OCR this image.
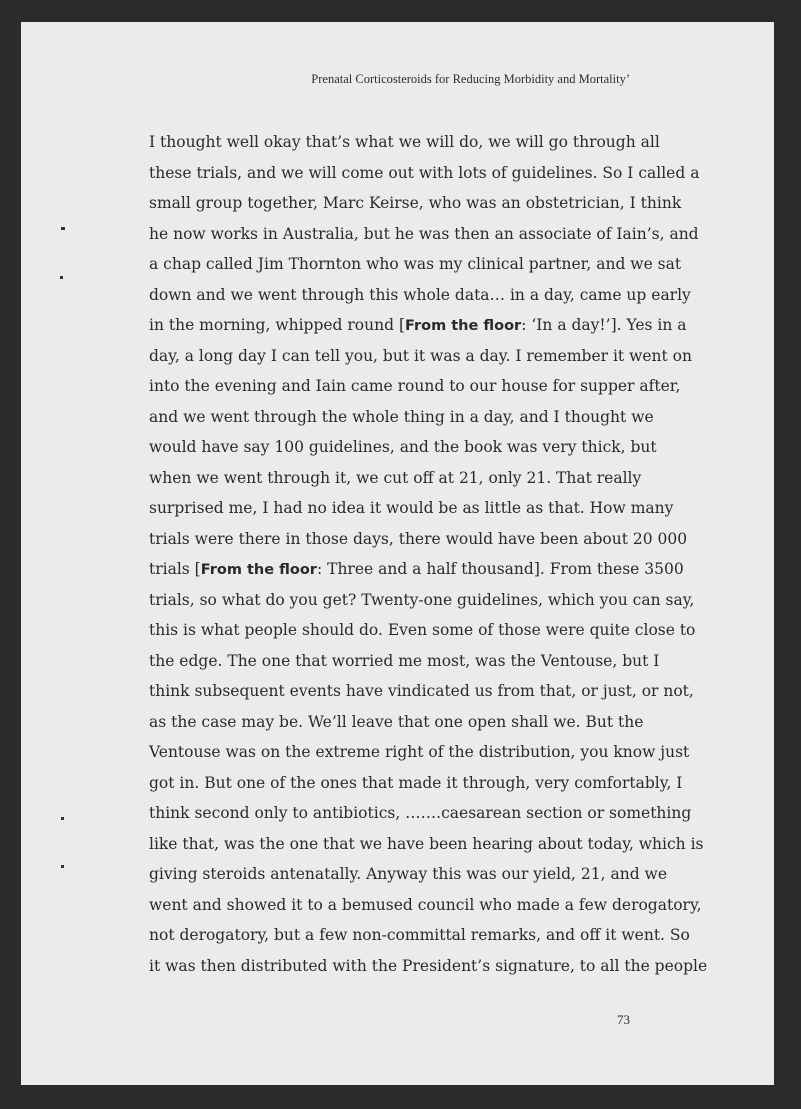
Prenatal Corticosteroids for Reducing Morbidity and Mortality’
I thought well okay that’s what we will do, we will go through all
these trials, and we will come out with lots of guidelines. So I called a
small group together, Marc Keirse, who was an obstetrician, I think
he now works in Australia, but he was then an associate of Iain’s, and
a chap called Jim Thornton who was my clinical partner, and we sat
down and we went through this whole data… in a day, came up early
in the morning, whipped round [From the floor: ‘In a day!’]. Yes in a
day, a long day I can tell you, but it was a day. I remember it went on
into the evening and Iain came round to our house for supper after,
and we went through the whole thing in a day, and I thought we
would have say 100 guidelines, and the book was very thick, but
when we went through it, we cut off at 21, only 21. That really
surprised me, I had no idea it would be as little as that. How many
trials were there in those days, there would have been about 20 000
trials [From the floor: Three and a half thousand]. From these 3500
trials, so what do you get? Twenty-one guidelines, which you can say,
this is what people should do. Even some of those were quite close to
the edge. The one that worried me most, was the Ventouse, but I
think subsequent events have vindicated us from that, or just, or not,
as the case may be. We’ll leave that one open shall we. But the
Ventouse was on the extreme right of the distribution, you know just
got in. But one of the ones that made it through, very comfortably, I
think second only to antibiotics, …….caesarean section or something
like that, was the one that we have been hearing about today, which is
giving steroids antenatally. Anyway this was our yield, 21, and we
went and showed it to a bemused council who made a few derogatory,
not derogatory, but a few non-committal remarks, and off it went. So
it was then distributed with the President’s signature, to all the people
73
